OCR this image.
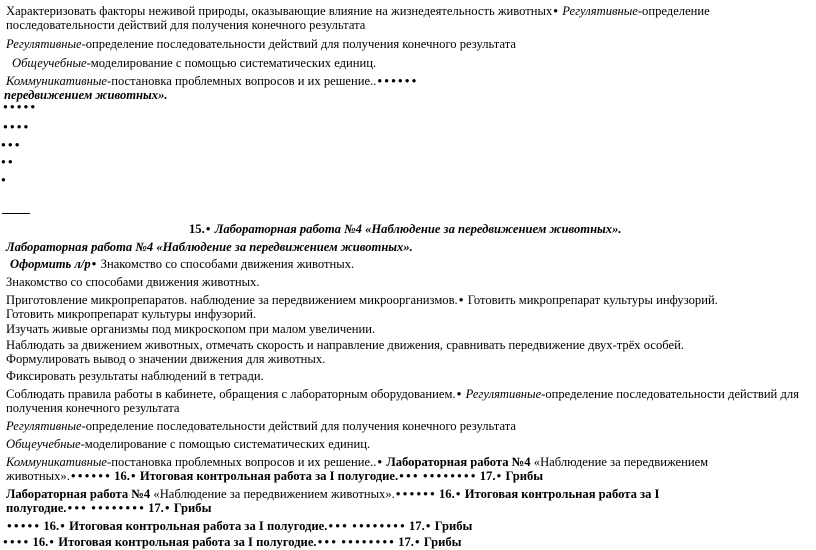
Характеризовать факторы неживой природы, оказывающие влияние на жизнедеятельность животных ● Регулятивные-определение
последовательности действий для получения конечного результата
Регулятивные-определение последовательности действий для получения конечного результата
Общеучебные-моделирование с помощью систематических единиц.
Коммуникативные-постановка проблемных вопросов и их решение..● ● ● ● ● ●
передвижением животных».
● ● ● ● ●
● ● ● ●
● ● ●
● ●
●
15. ● Лабораторная работа №4 «Наблюдение за передвижением животных».
Лабораторная работа №4 «Наблюдение за передвижением животных».
Оформить л/р ● Знакомство со способами движения животных.
Знакомство со способами движения животных.
Приготовление микропрепаратов. наблюдение за передвижением микроорганизмов. ● Готовить микропрепарат культуры инфузорий.
Готовить микропрепарат культуры инфузорий.
Изучать живые организмы под микроскопом при малом увеличении.
Наблюдать за движением животных, отмечать скорость и направление движения, сравнивать передвижение двух-трёх особей.
Формулировать вывод о значении движения для животных.
Фиксировать результаты наблюдений в тетради.
Соблюдать правила работы в кабинете, обращения с лабораторным оборудованием. ● Регулятивные-определение последовательности действий для
получения конечного результата
Регулятивные-определение последовательности действий для получения конечного результата
Общеучебные-моделирование с помощью систематических единиц.
Коммуникативные-постановка проблемных вопросов и их решение.. ● Лабораторная работа №4 «Наблюдение за передвижением
животных». ● ● ● ● ● ●	16. ● Итоговая контрольная работа за I полугодие. ● ● ● ● ● ● ● ● ● ● ●	17. ● Грибы
Лабораторная работа №4 «Наблюдение за передвижением животных». ● ● ● ● ● ●	16. ● Итоговая контрольная работа за I
полугодие. ● ● ● ● ● ● ● ● ● ● ●	17. ● Грибы
● ● ● ● ● 16. ● Итоговая контрольная работа за I полугодие. ● ● ● ● ● ● ● ● ● ● ●	17. ● Грибы
● ● ● ● 16. ● Итоговая контрольная работа за I полугодие. ● ● ● ● ● ● ● ● ● ● ●	17. ● Грибы
